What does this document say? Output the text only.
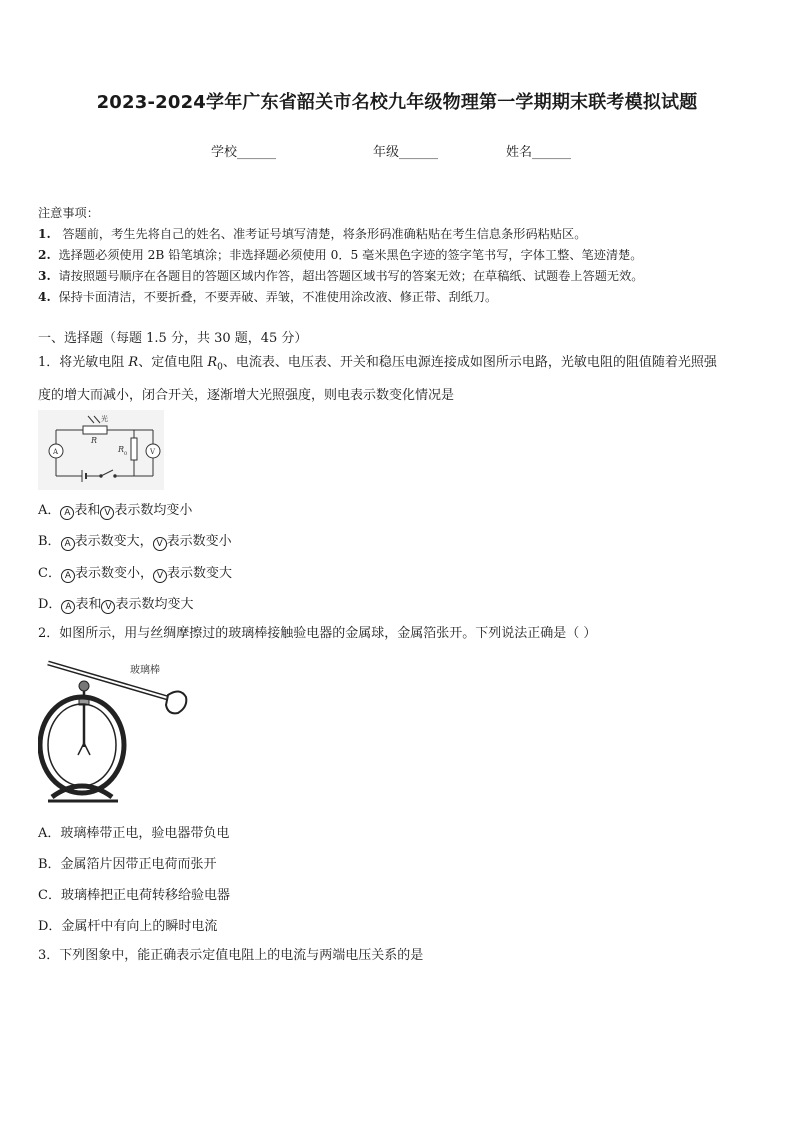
2023-2024学年广东省韶关市名校九年级物理第一学期期末联考模拟试题
学校______	年级______	姓名______
注意事项：
1. 答题前，考生先将自己的姓名、准考证号填写清楚，将条形码准确粘贴在考生信息条形码粘贴区。
2. 选择题必须使用 2B 铅笔填涂；非选择题必须使用 0．5 毫米黑色字迹的签字笔书写，字体工整、笔迹清楚。
3. 请按照题号顺序在各题目的答题区域内作答，超出答题区域书写的答案无效；在草稿纸、试题卷上答题无效。
4. 保持卡面清洁，不要折叠，不要弄破、弄皱，不准使用涂改液、修正带、刮纸刀。
一、选择题（每题 1.5 分，共 30 题，45 分）
1．将光敏电阻 R、定值电阻 $R_0$、电流表、电压表、开关和稳压电源连接成如图所示电路，光敏电阻的阻值随着光照强
度的增大而减小，闭合开关，逐渐增大光照强度，则电表示数变化情况是
光
R
R 0
A	V
A． A 表和 V 表示数均变小
B． A 表示数变大， V 表示数变小
C． A 表示数变小， V 表示数变大
D． A 表和 V 表示数均变大
2．如图所示，用与丝绸摩擦过的玻璃棒接触验电器的金属球，金属箔张开。下列说法正确是（ ）
玻璃棒
A．玻璃棒带正电，验电器带负电
B．金属箔片因带正电荷而张开
C．玻璃棒把正电荷转移给验电器
D．金属杆中有向上的瞬时电流
3．下列图象中，能正确表示定值电阻上的电流与两端电压关系的是
